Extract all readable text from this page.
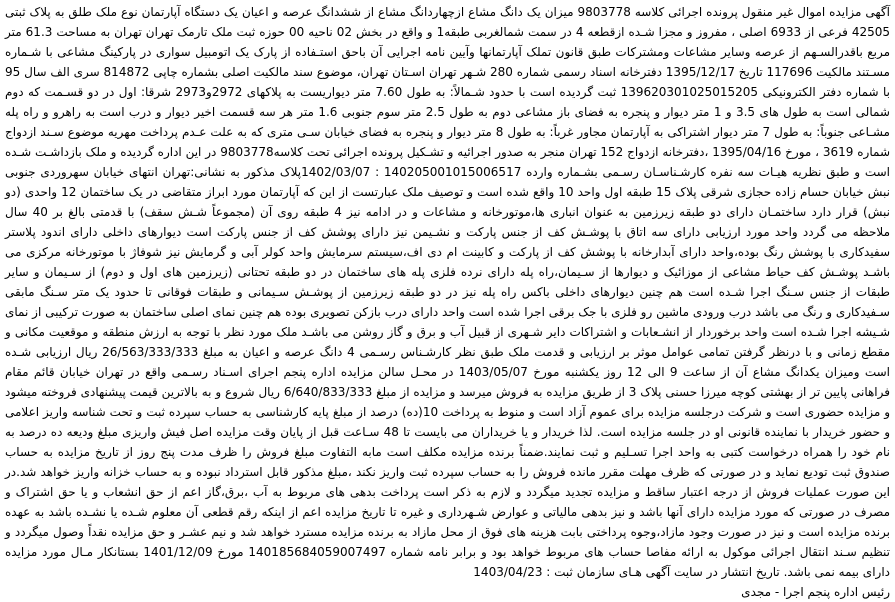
آگهی مزایده اموال غیر منقول پرونده اجرائی کلاسه 9803778 میزان یک دانگ مشاع ازچهاردانگ مشاع از ششدانگ عرصه و اعیان یک دستگاه آپارتمان نوع ملک طلق به پلاک ثبتی 42505 فرعی از 6933 اصلی ، مفروز و مجزا شـده ازقطعه 4 در سمت شمالغربی طبقه1 و واقع در بخش 02 ناحیه 00 حوزه ثبت ملک تارمک تهران تهران به مساحت 61.3 متر مربع باقدرالسـهم از عرصه وسایر مشاعات ومشترکات طبق قانون تملک آپارتمانها وآیین نامه اجرایی آن باحق استـفاده از پارک یک اتومبیل سواری در پارکینگ مشاعی با شـماره مسـتند مالکیت 117696 تاریخ 1395/12/17 دفترخانه اسناد رسمی شماره 280 شـهر تهران اسـتان تهران، موضوع سند مالکیت اصلی بشماره چاپی 814872 سری الف سال 95 با شماره دفتر الکترونیکی 139620301025015205 ثبت گردیده است با حدود شـمالاً: به طول 7.60 متر دیواریست به پلاکهای 2972و2973 شرقا: اول در دو قسـمت که دوم شمالی است به طول های 3.5 و 1 متر دیوار و پنجره به فضای باز مشاعی دوم به طول 2.5 متر سوم جنوبی 1.6 متر هر سه قسمت اخیر دیوار و درب است به راهرو و راه پله مشـاعی جنوباً: به طول 7 متر دیوار اشتراکی به آپارتمان مجاور غرباً: به طول 8 متر دیوار و پنجره به فضای خیابان سـی متری که به علت عـدم پرداخت مهریه موضوع سـند ازدواج شماره 3619 ، مورخ 1395/04/16 ،دفترخانه ازدواج 152 تهران منجر به صدور اجرائیه و تشـکیل پرونده اجرائی تحت کلاسه9803778 در این اداره گردیده و ملک بازداشـت شـده است و طبق نظریه هیـات سه نفره کارشـناسـان رسـمی بشـماره وارده 140205001015006517 : 1402/03/07پلاک مذکور به نشانی:تهران انتهای خیابان سهروردی جنوبی نبش خیابان حسام زاده حجازی شرقی پلاک 15 طبقه اول واحد 10 واقع شده است و توصیف ملک عبارتست از این که آپارتمان مورد ابراز متقاضی در یک ساختمان 12 واحدی (دو نبش) قرار دارد ساختمـان دارای دو طبقه زیرزمین به عنوان انباری ها،موتورخانه و مشاعات و در ادامه نیز 4 طبقه روی آن (مجموعاً شـش سقف) با قدمتی بالغ بر 40 سال ملاحظه می گردد واحد مورد ارزیابی دارای سه اتاق با پوشـش کف از جنس پارکت و نشـیمن نیز دارای پوشش کف از جنس پارکت است دیوارهای داخلی دارای اندود پلاستر سفیدکاری با پوشش رنگ بوده،واحد دارای آبدارخانه با پوشش کف از پارکت و کابینت ام دی اف،سیستم سرمایش واحد کولر آبی و گرمایش نیز شوفاژ با موتورخانه مرکزی می باشـد پوشـش کف حیاط مشاعی از موزائیک و دیوارها از سـیمان،راه پله دارای نرده فلزی پله های ساختمان در دو طبقه تحتانی (زیرزمین های اول و دوم) از سـیمان و سایر طبقات از جنس سـنگ اجرا شـده است هم چنین دیوارهای داخلی باکس راه پله نیز در دو طبقه زیرزمین از پوشـش سـیمانی و طبقات فوقانی تا حدود یک متر سـنگ مابقی سـفیدکاری و رنگ می باشد درب ورودی ماشین رو فلزی با جک برقی اجرا شده است واحد دارای درب بازکن تصویری بوده هم چنین نمای اصلی ساختمان به صورت ترکیبی از نمای شـیشه اجرا شـده است واحد برخوردار از انشـعابات و اشتراکات دایر شـهری از قبیل آب و برق و گاز روشن می باشـد ملک مورد نظر با توجه به ارزش منطقه و موقعیت مکانی و مقطع زمانی و با درنظر گرفتن تمامی عوامل موثر بر ارزیابی و قدمت ملک طبق نظر کارشـناس رسـمی 4 دانگ عرصه و اعیان به مبلغ 26/563/333/333 ریال ارزیابی شـده است ومیزان یکدانگ مشاع آن از ساعت 9 الی 12 روز یکشنبه مورخ 1403/05/07 در محـل سالن مزایده اداره پنجم اجرای اسـناد رسـمی واقع در تهران خیابان قائم مقام فراهانی پایین تر از بهشتی کوچه میرزا حسنی پلاک 3 از طریق مزایده به فروش میرسد و مزایده از مبلغ 6/640/833/333 ریال شروع و به بالاترین قیمت پیشنهادی فروخته میشود و مزایده حضوری است و شرکت درجلسه مزایده برای عموم آزاد است و منوط به پرداخت 10(ده) درصد از مبلغ پایه کارشناسی به حساب سپرده ثبت و تحت شناسه واریز اعلامی و حضور خریدار با نماینده قانونی او در جلسه مزایده است. لذا خریدار و یا خریداران می بایست تا 48 سـاعت قبل از پایان وقت مزایده اصل فیش واریزی مبلغ ودیعه ده درصد به نام خود را همراه درخواست کتبی به واحد اجرا تسـلیم و ثبت نمایند.ضمناً برنده مزایده مکلف است مابه التفاوت مبلغ فروش را ظرف مدت پنج روز از تاریخ مزایده به حساب صندوق ثبت تودیع نماید و در صورتی که ظرف مهلت مقرر مانده فروش را به حساب سپرده ثبت واریز نکند ،مبلغ مذکور قابل استرداد نبوده و به حساب خزانه واریز خواهد شد.در این صورت عملیات فروش از درجه اعتبار ساقط و مزایده تجدید میگردد و لازم به ذکر است پرداخت بدهی های مربوط به آب ،برق،گاز اعم از حق انشعاب و یا حق اشتراک و مصرف در صورتی که مورد مزایده دارای آنها باشد و نیز بدهی مالیاتی و عوارض شـهرداری و غیره تا تاریخ مزایده اعم از اینکه رقم قطعی آن معلوم شـده یا نشـده باشد به عهده برنده مزایده است و نیز در صورت وجود مازاد،وجوه پرداختی بابت هزینه های فوق از محل مازاد به برنده مزایده مسترد خواهد شد و نیم عشـر و حق مزایده نقداً وصول میگردد و تنظیم سـند انتقال اجرائی موکول به ارائه مفاصا حساب های مربوط خواهد بود و برابر نامه شماره 140185684059007497 مورخ 1401/12/09 بستانکار مـال مورد مزایده دارای بیمه نمی باشد. تاریخ انتشار در سایت آگهی هـای سازمان ثبت : 1403/04/23

رئیس اداره پنجم اجرا - مجدی
